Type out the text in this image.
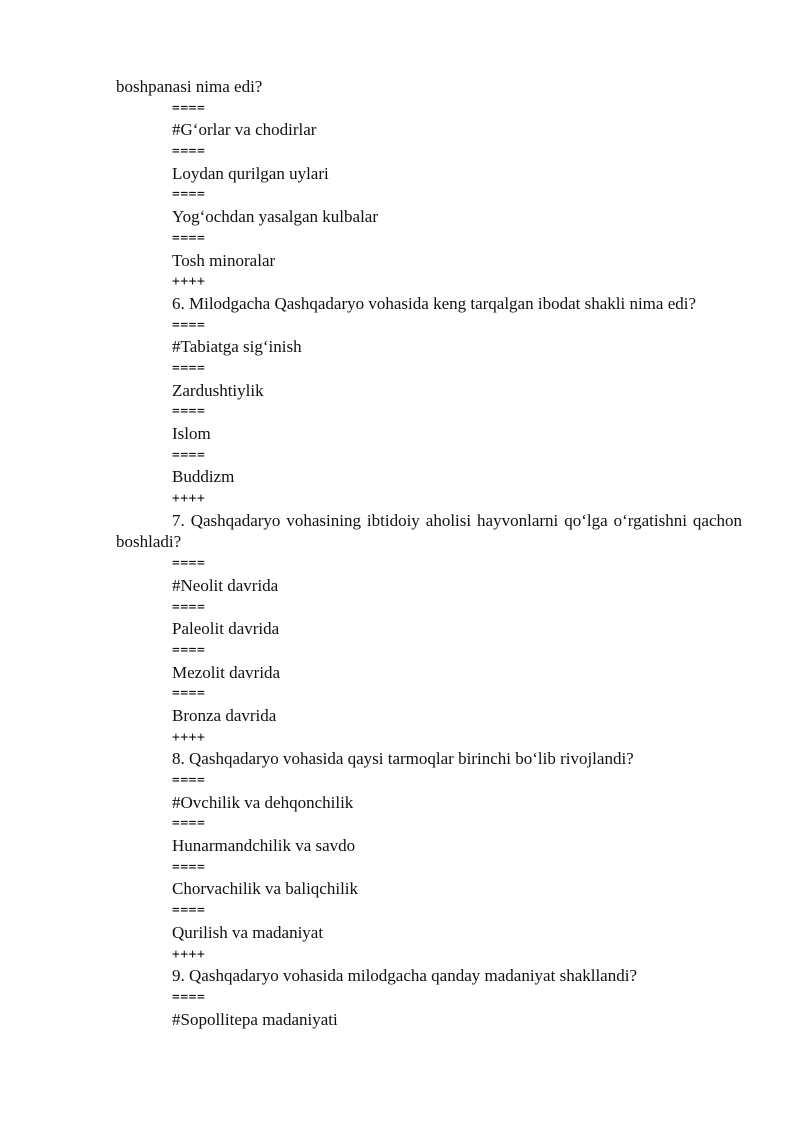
boshpanasi nima edi?
====
#G‘orlar va chodirlar
====
Loydan qurilgan uylari
====
Yog‘ochdan yasalgan kulbalar
====
Tosh minoralar
++++
6. Milodgacha Qashqadaryo vohasida keng tarqalgan ibodat shakli nima edi?
====
#Tabiatga sig‘inish
====
Zardushtiylik
====
Islom
====
Buddizm
++++
7. Qashqadaryo vohasining ibtidoiy aholisi hayvonlarni qo‘lga o‘rgatishni qachon boshladi?
====
#Neolit davrida
====
Paleolit davrida
====
Mezolit davrida
====
Bronza davrida
++++
8. Qashqadaryo vohasida qaysi tarmoqlar birinchi bo‘lib rivojlandi?
====
#Ovchilik va dehqonchilik
====
Hunarmandchilik va savdo
====
Chorvachilik va baliqchilik
====
Qurilish va madaniyat
++++
9. Qashqadaryo vohasida milodgacha qanday madaniyat shakllandi?
====
#Sopollitepa madaniyati
